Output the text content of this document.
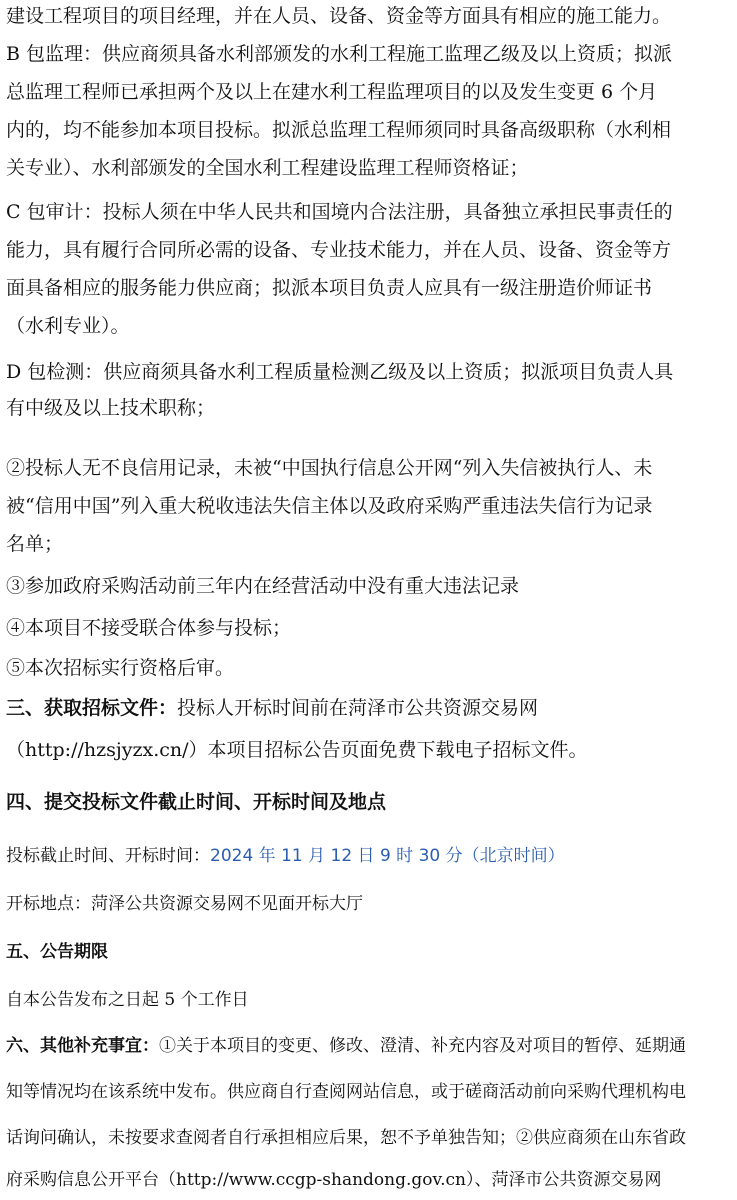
建设工程项目的项目经理，并在人员、设备、资金等方面具有相应的施工能力。
B 包监理：供应商须具备水利部颁发的水利工程施工监理乙级及以上资质；拟派
总监理工程师已承担两个及以上在建水利工程监理项目的以及发生变更 6 个月
内的，均不能参加本项目投标。拟派总监理工程师须同时具备高级职称（水利相
关专业）、水利部颁发的全国水利工程建设监理工程师资格证；
C 包审计：投标人须在中华人民共和国境内合法注册，具备独立承担民事责任的
能力，具有履行合同所必需的设备、专业技术能力，并在人员、设备、资金等方
面具备相应的服务能力供应商；拟派本项目负责人应具有一级注册造价师证书
（水利专业）。
D 包检测：供应商须具备水利工程质量检测乙级及以上资质；拟派项目负责人具
有中级及以上技术职称；
②投标人无不良信用记录，未被“中国执行信息公开网“列入失信被执行人、未
被“信用中国”列入重大税收违法失信主体以及政府采购严重违法失信行为记录
名单；
③参加政府采购活动前三年内在经营活动中没有重大违法记录
④本项目不接受联合体参与投标；
⑤本次招标实行资格后审。
三、获取招标文件：投标人开标时间前在菏泽市公共资源交易网
（http://hzsjyzx.cn/）本项目招标公告页面免费下载电子招标文件。
四、提交投标文件截止时间、开标时间及地点
投标截止时间、开标时间：2024 年 11 月 12 日 9 时 30 分（北京时间）
开标地点：菏泽公共资源交易网不见面开标大厅
五、公告期限
自本公告发布之日起 5 个工作日
六、其他补充事宜：①关于本项目的变更、修改、澄清、补充内容及对项目的暂停、延期通
知等情况均在该系统中发布。供应商自行查阅网站信息，或于磋商活动前向采购代理机构电
话询问确认，未按要求查阅者自行承担相应后果，恕不予单独告知；②供应商须在山东省政
府采购信息公开平台（http://www.ccgp-shandong.gov.cn）、菏泽市公共资源交易网
